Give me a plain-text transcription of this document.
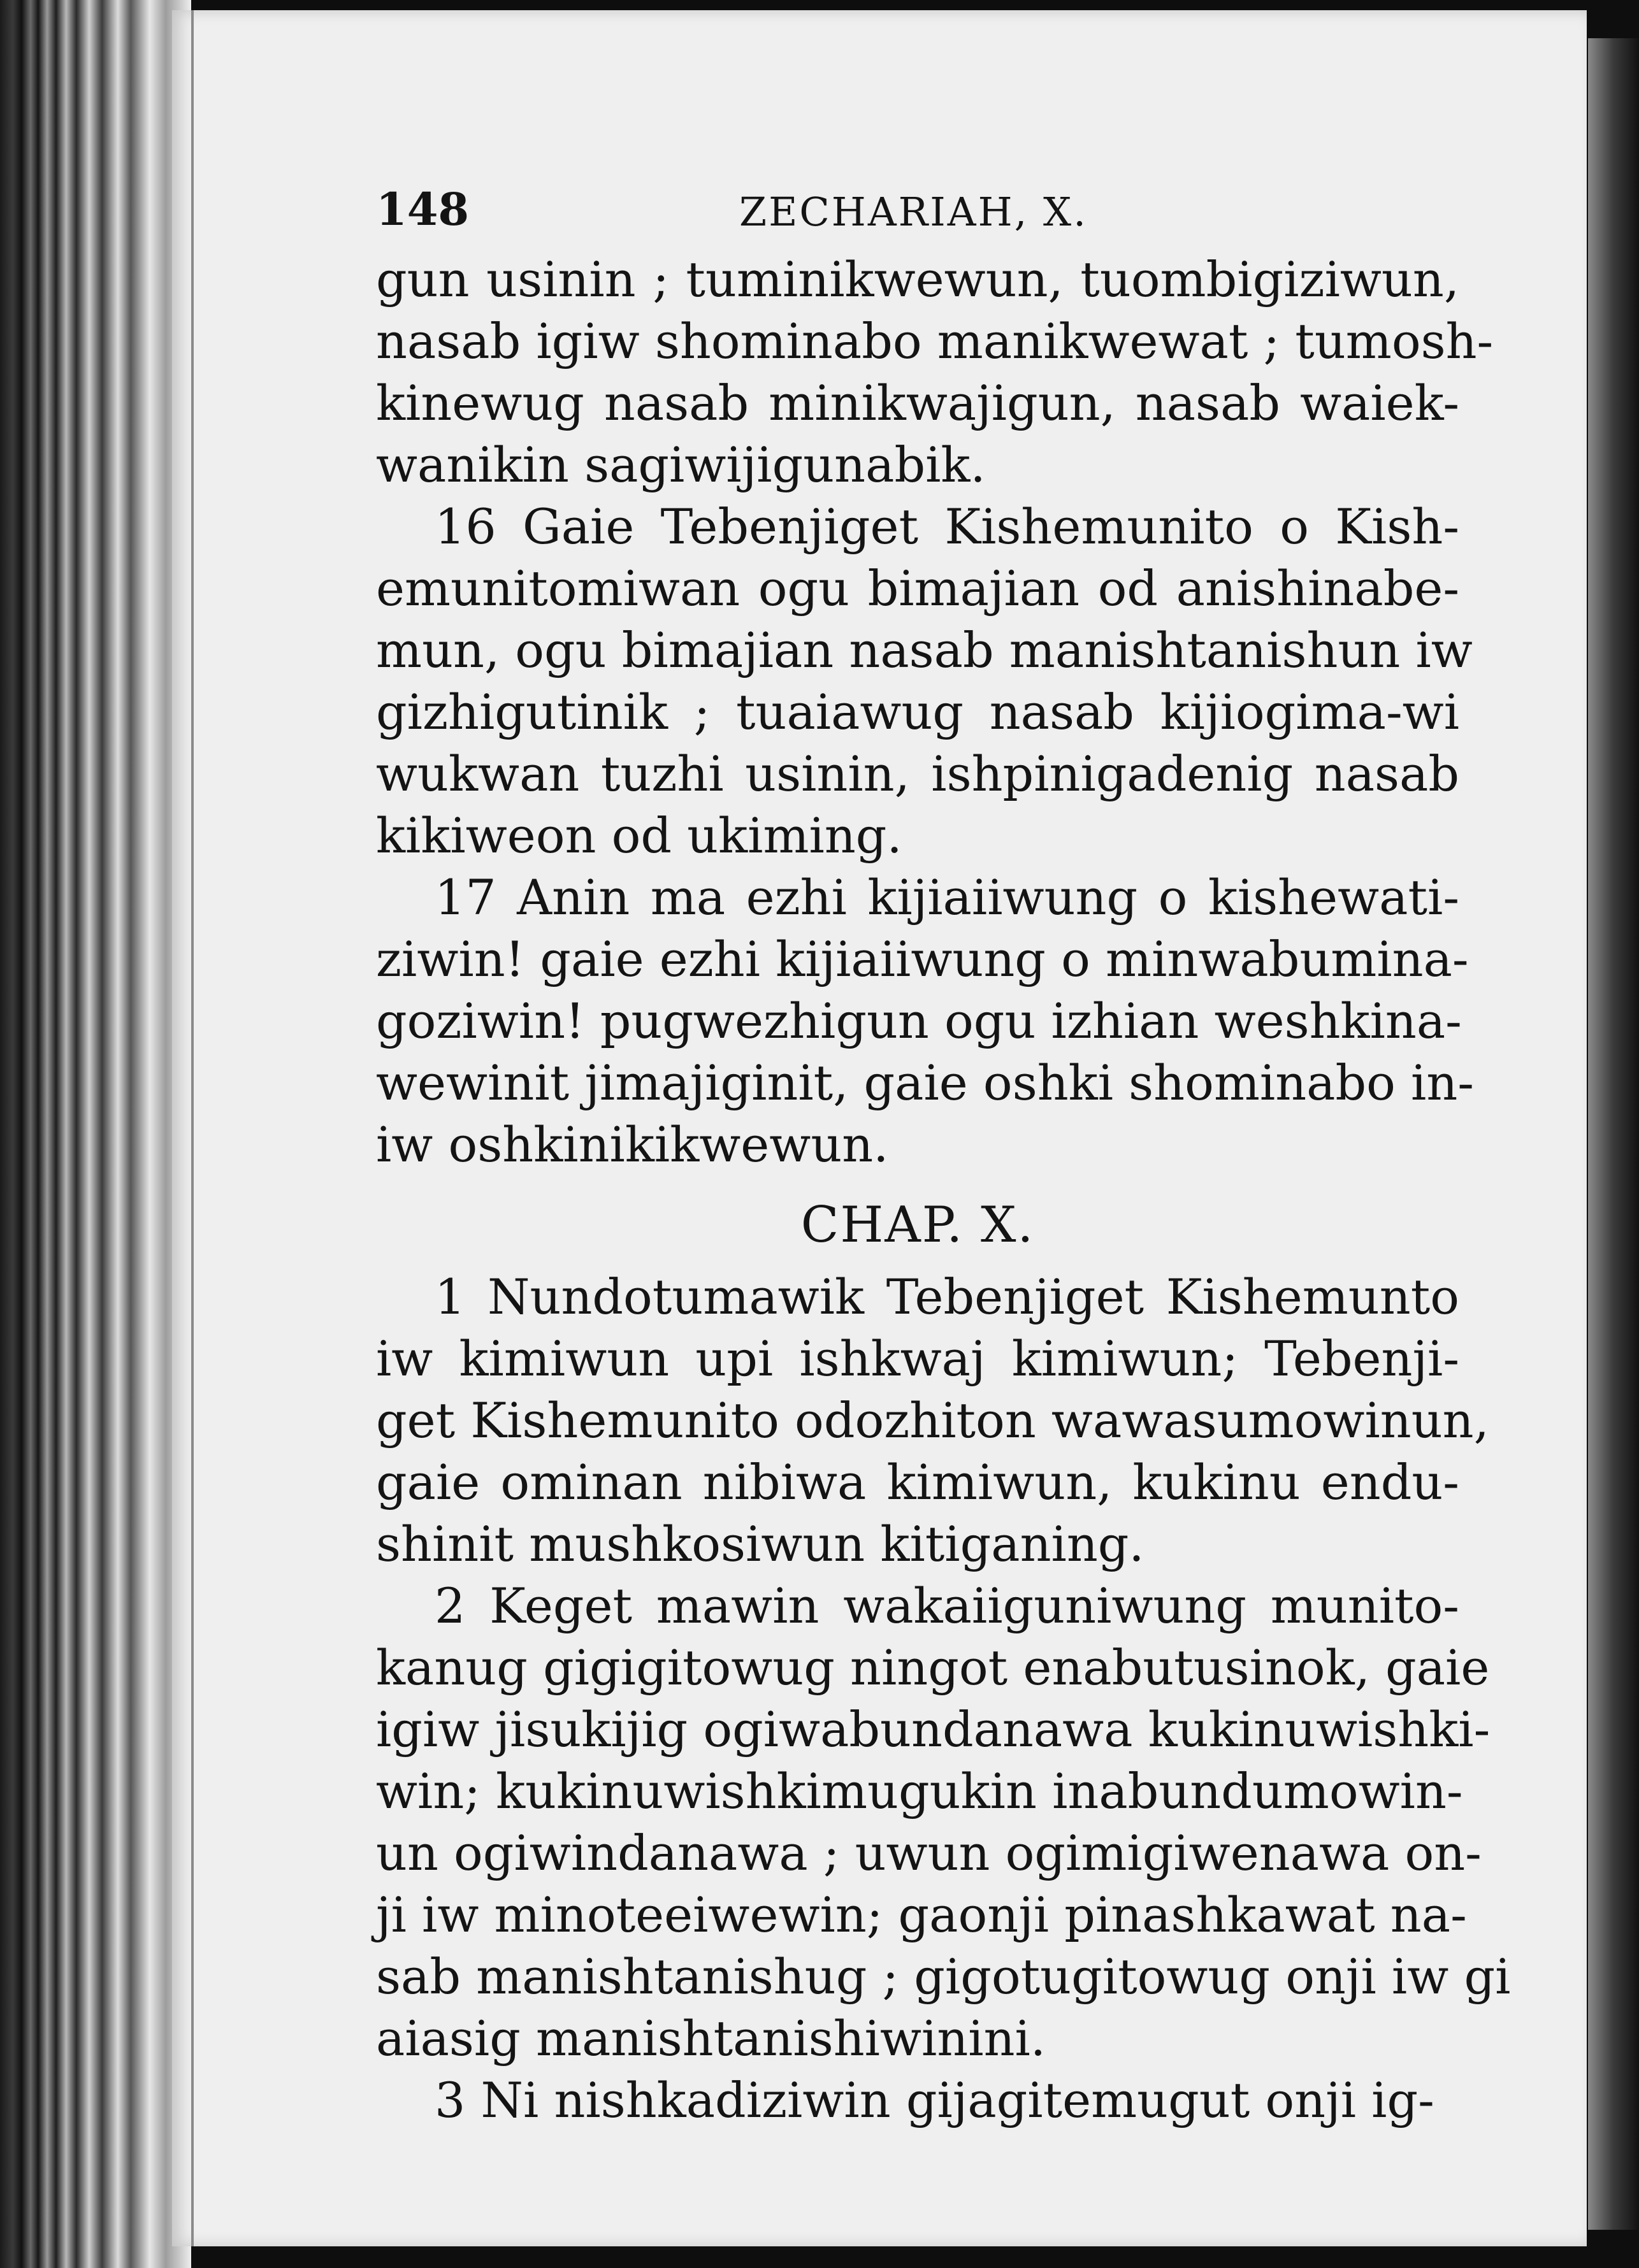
148	ZECHARIAH, X.
gun usinin ; tuminikwewun, tuombigiziwun,
nasab igiw shominabo manikwewat ; tumosh-
kinewug nasab minikwajigun, nasab waiek-
wanikin sagiwijigunabik.
16 Gaie Tebenjiget Kishemunito o Kish-
emunitomiwan ogu bimajian od anishinabe-
mun, ogu bimajian nasab manishtanishun iw
gizhigutinik ; tuaiawug nasab kijiogima-wi
wukwan tuzhi usinin, ishpinigadenig nasab
kikiweon od ukiming.
17 Anin ma ezhi kijiaiiwung o kishewati-
ziwin! gaie ezhi kijiaiiwung o minwabumina-
goziwin! pugwezhigun ogu izhian weshkina-
wewinit jimajiginit, gaie oshki shominabo in-
iw oshkinikikwewun.
CHAP. X.
1 Nundotumawik Tebenjiget Kishemunto
iw kimiwun upi ishkwaj kimiwun; Tebenji-
get Kishemunito odozhiton wawasumowinun,
gaie ominan nibiwa kimiwun, kukinu endu-
shinit mushkosiwun kitiganing.
2 Keget mawin wakaiiguniwung munito-
kanug gigigitowug ningot enabutusinok, gaie
igiw jisukijig ogiwabundanawa kukinuwishki-
win; kukinuwishkimugukin inabundumowin-
un ogiwindanawa ; uwun ogimigiwenawa on-
ji iw minoteeiwewin; gaonji pinashkawat na-
sab manishtanishug ; gigotugitowug onji iw gi
aiasig manishtanishiwinini.
3 Ni nishkadiziwin gijagitemugut onji ig-
